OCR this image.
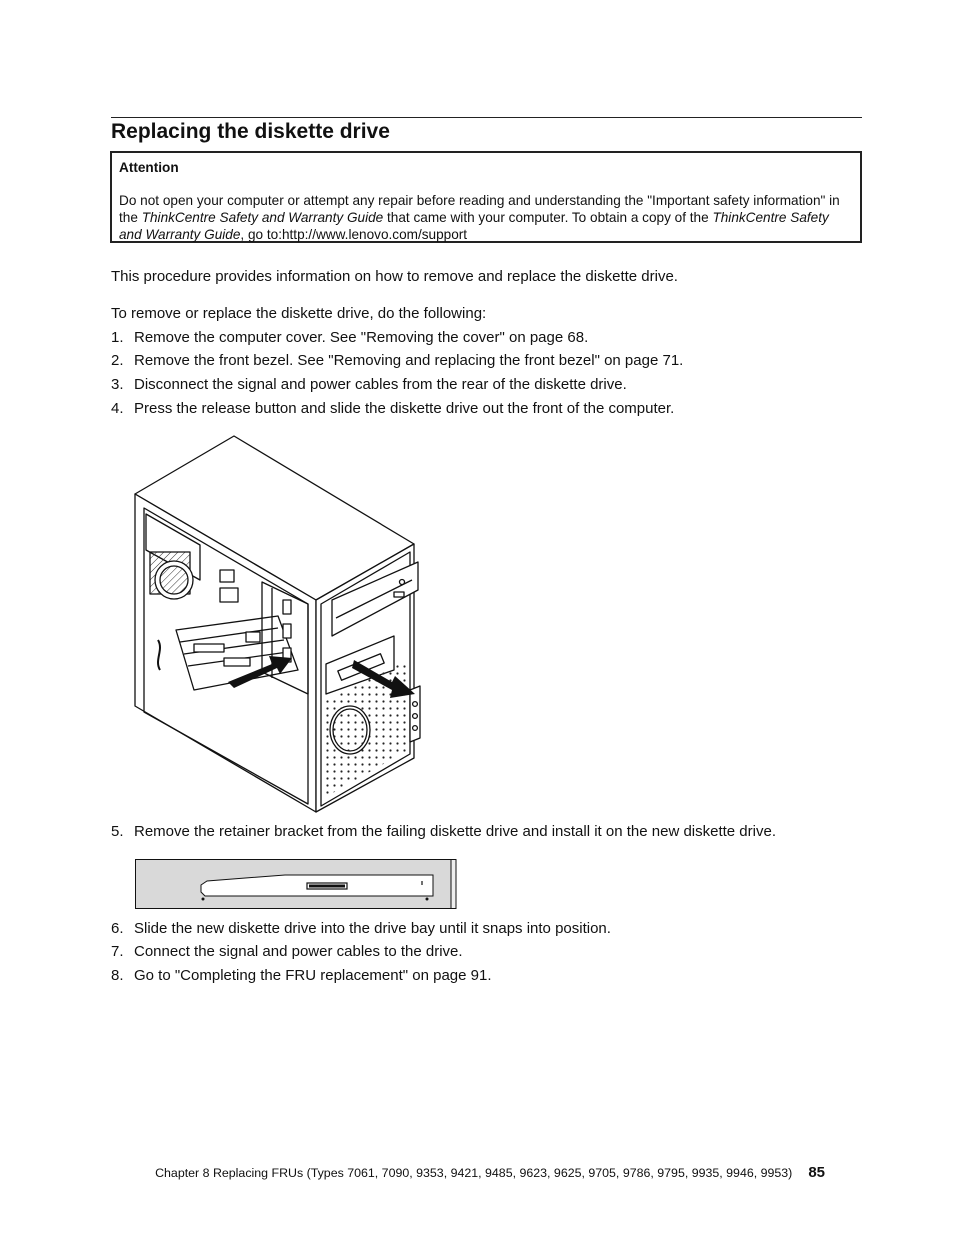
Replacing the diskette drive
Attention
Do not open your computer or attempt any repair before reading and understanding the "Important safety information" in the ThinkCentre Safety and Warranty Guide that came with your computer. To obtain a copy of the ThinkCentre Safety and Warranty Guide, go to:http://www.lenovo.com/support

This procedure provides information on how to remove and replace the diskette drive.

To remove or replace the diskette drive, do the following:

1. Remove the computer cover. See "Removing the cover" on page 68.
2. Remove the front bezel. See "Removing and replacing the front bezel" on page 71.
3. Disconnect the signal and power cables from the rear of the diskette drive.
4. Press the release button and slide the diskette drive out the front of the computer.
5. Remove the retainer bracket from the failing diskette drive and install it on the new diskette drive.
6. Slide the new diskette drive into the drive bay until it snaps into position.
7. Connect the signal and power cables to the drive.
8. Go to "Completing the FRU replacement" on page 91.
Chapter 8 Replacing FRUs (Types 7061, 7090, 9353, 9421, 9485, 9623, 9625, 9705, 9786, 9795, 9935, 9946, 9953) 85
